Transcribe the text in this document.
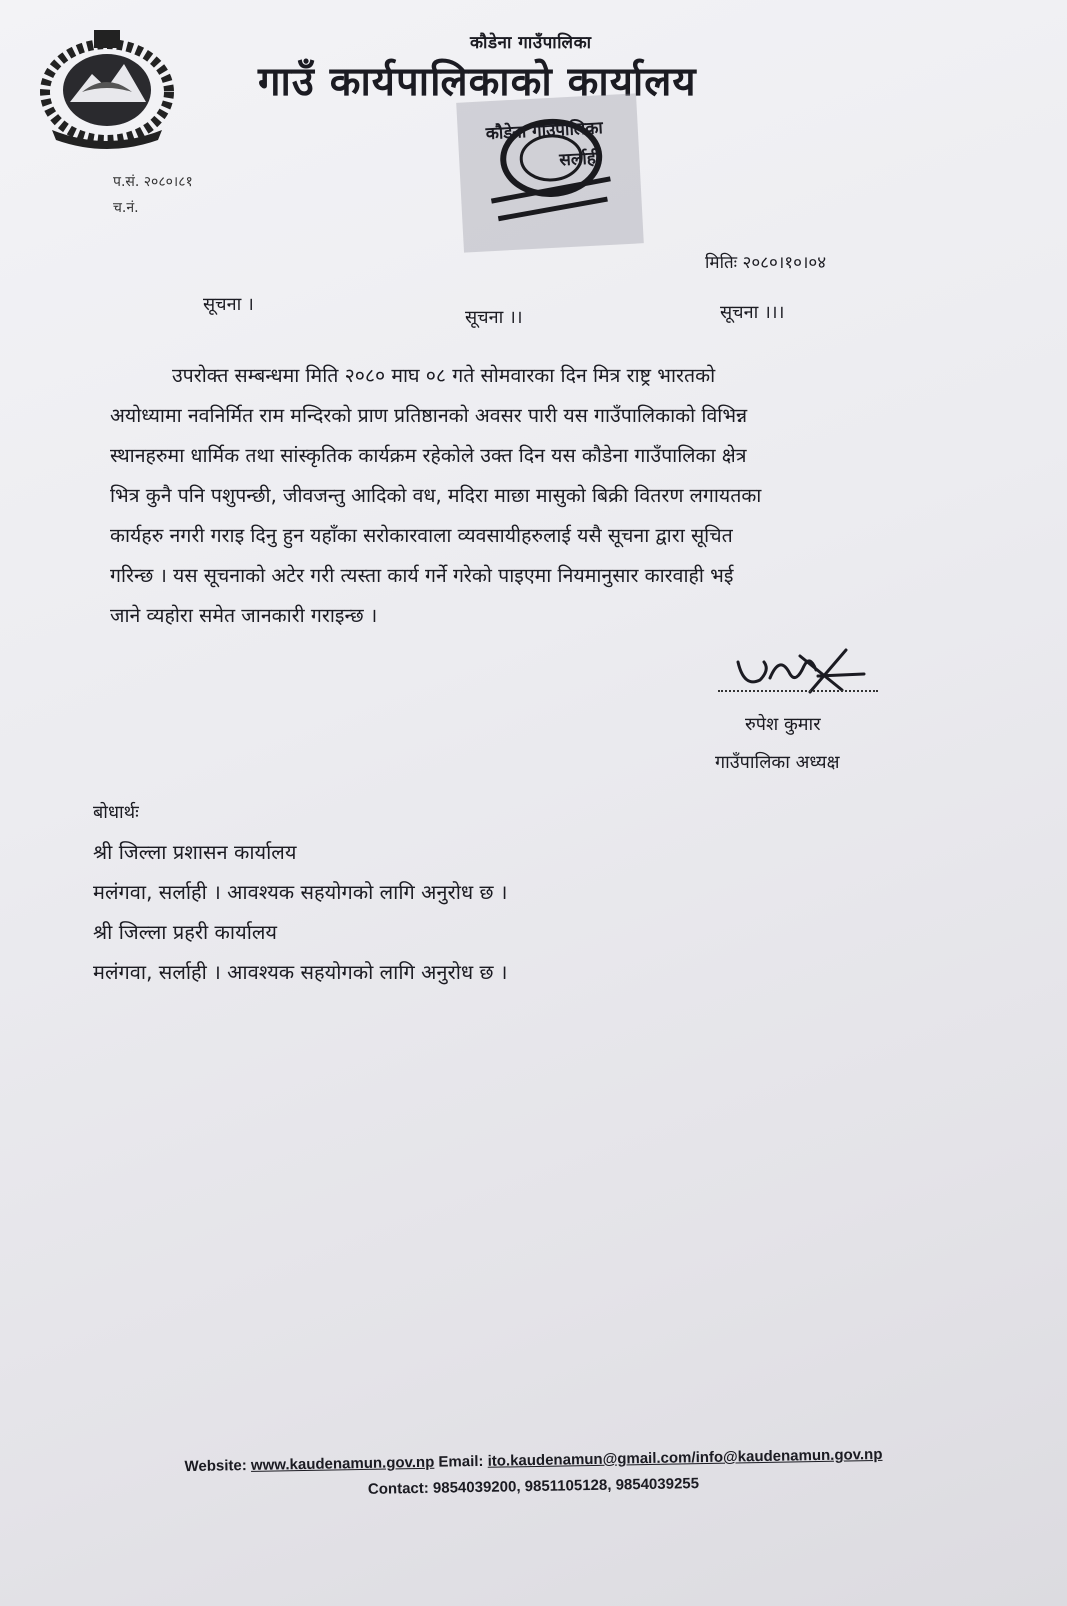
कौडेना गाउँपालिका
गाउँ कार्यपालिकाको कार्यालय
कौडेना गाउँपालिका
सर्लाही
प.सं. २०८०।८१
च.नं.
मितिः २०८०।१०।०४
सूचना ।
सूचना ।।	सूचना ।।।
उपरोक्त सम्बन्धमा मिति २०८० माघ ०८ गते सोमवारका दिन मित्र राष्ट्र भारतको
अयोध्यामा नवनिर्मित राम मन्दिरको प्राण प्रतिष्ठानको अवसर पारी यस गाउँपालिकाको विभिन्न
स्थानहरुमा धार्मिक तथा सांस्कृतिक कार्यक्रम रहेकोले उक्त दिन यस कौडेना गाउँपालिका क्षेत्र
भित्र कुनै पनि पशुपन्छी, जीवजन्तु आदिको वध, मदिरा माछा मासुको बिक्री वितरण लगायतका
कार्यहरु नगरी गराइ दिनु हुन यहाँका सरोकारवाला व्यवसायीहरुलाई यसै सूचना द्वारा सूचित
गरिन्छ । यस सूचनाको अटेर गरी त्यस्ता कार्य गर्ने गरेको पाइएमा नियमानुसार कारवाही भई
जाने व्यहोरा समेत जानकारी गराइन्छ ।
रुपेश कुमार
गाउँपालिका अध्यक्ष
बोधार्थः
श्री जिल्ला प्रशासन कार्यालय
मलंगवा, सर्लाही । आवश्यक सहयोगको लागि अनुरोध छ ।
श्री जिल्ला प्रहरी कार्यालय
मलंगवा, सर्लाही । आवश्यक सहयोगको लागि अनुरोध छ ।
Website: www.kaudenamun.gov.np Email: ito.kaudenamun@gmail.com/info@kaudenamun.gov.np
Contact: 9854039200, 9851105128, 9854039255
